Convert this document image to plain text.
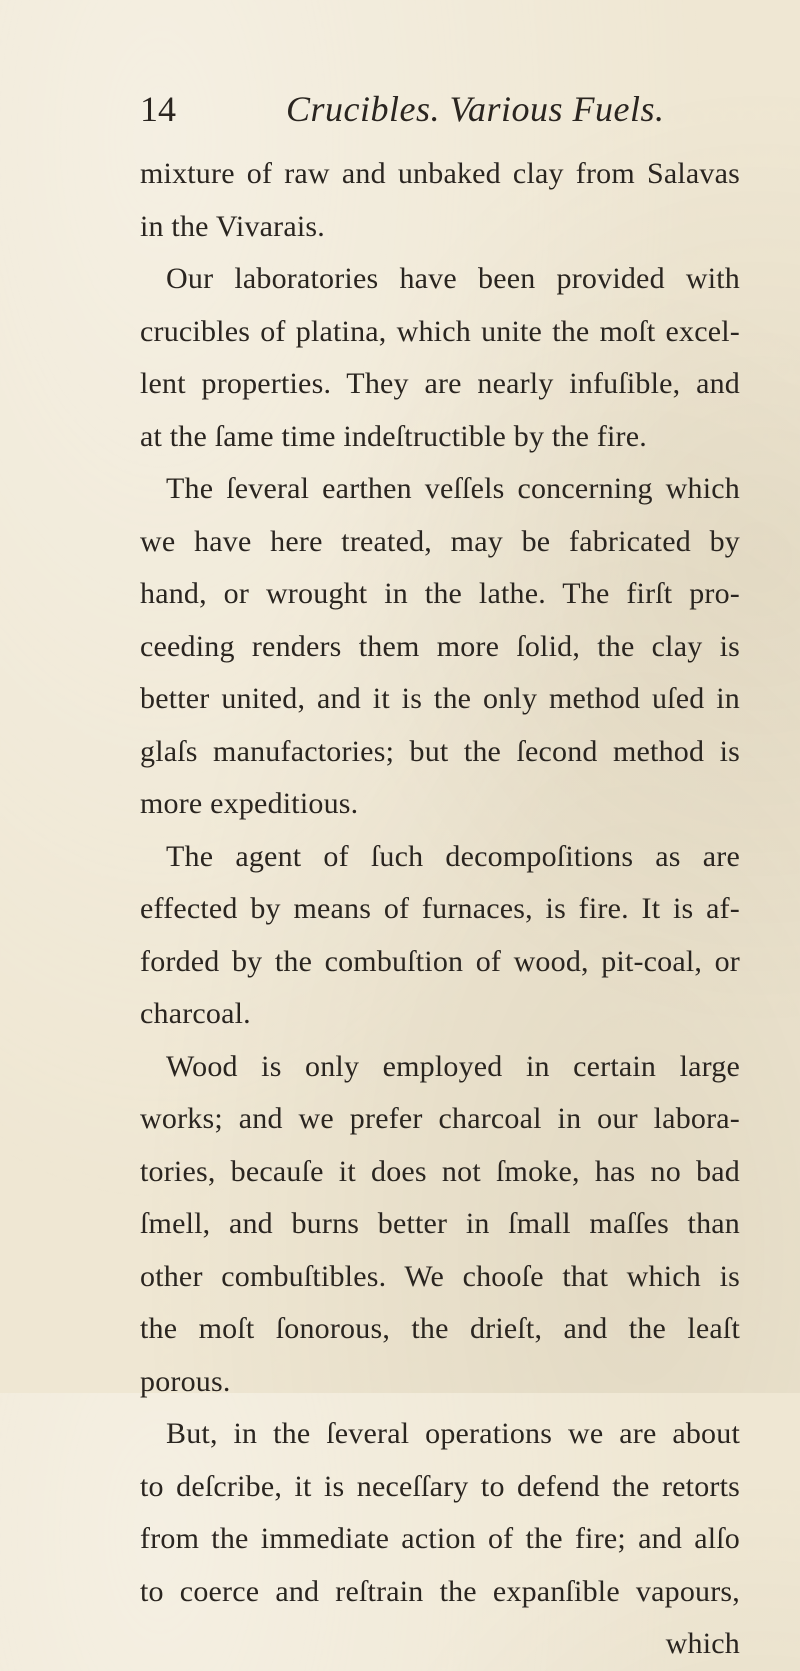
14	Crucibles. Various Fuels.
mixture of raw and unbaked clay from Salavas
in the Vivarais.
Our laboratories have been provided with
crucibles of platina, which unite the moſt excel-
lent properties. They are nearly infuſible, and
at the ſame time indeſtructible by the fire.
The ſeveral earthen veſſels concerning which
we have here treated, may be fabricated by
hand, or wrought in the lathe. The firſt pro-
ceeding renders them more ſolid, the clay is
better united, and it is the only method uſed in
glaſs manufactories; but the ſecond method is
more expeditious.
The agent of ſuch decompoſitions as are
effected by means of furnaces, is fire. It is af-
forded by the combuſtion of wood, pit-coal, or
charcoal.
Wood is only employed in certain large
works; and we prefer charcoal in our labora-
tories, becauſe it does not ſmoke, has no bad
ſmell, and burns better in ſmall maſſes than
other combuſtibles. We chooſe that which is
the moſt ſonorous, the drieſt, and the leaſt
porous.
But, in the ſeveral operations we are about
to deſcribe, it is neceſſary to defend the retorts
from the immediate action of the fire; and alſo
to coerce and reſtrain the expanſible vapours,
which
